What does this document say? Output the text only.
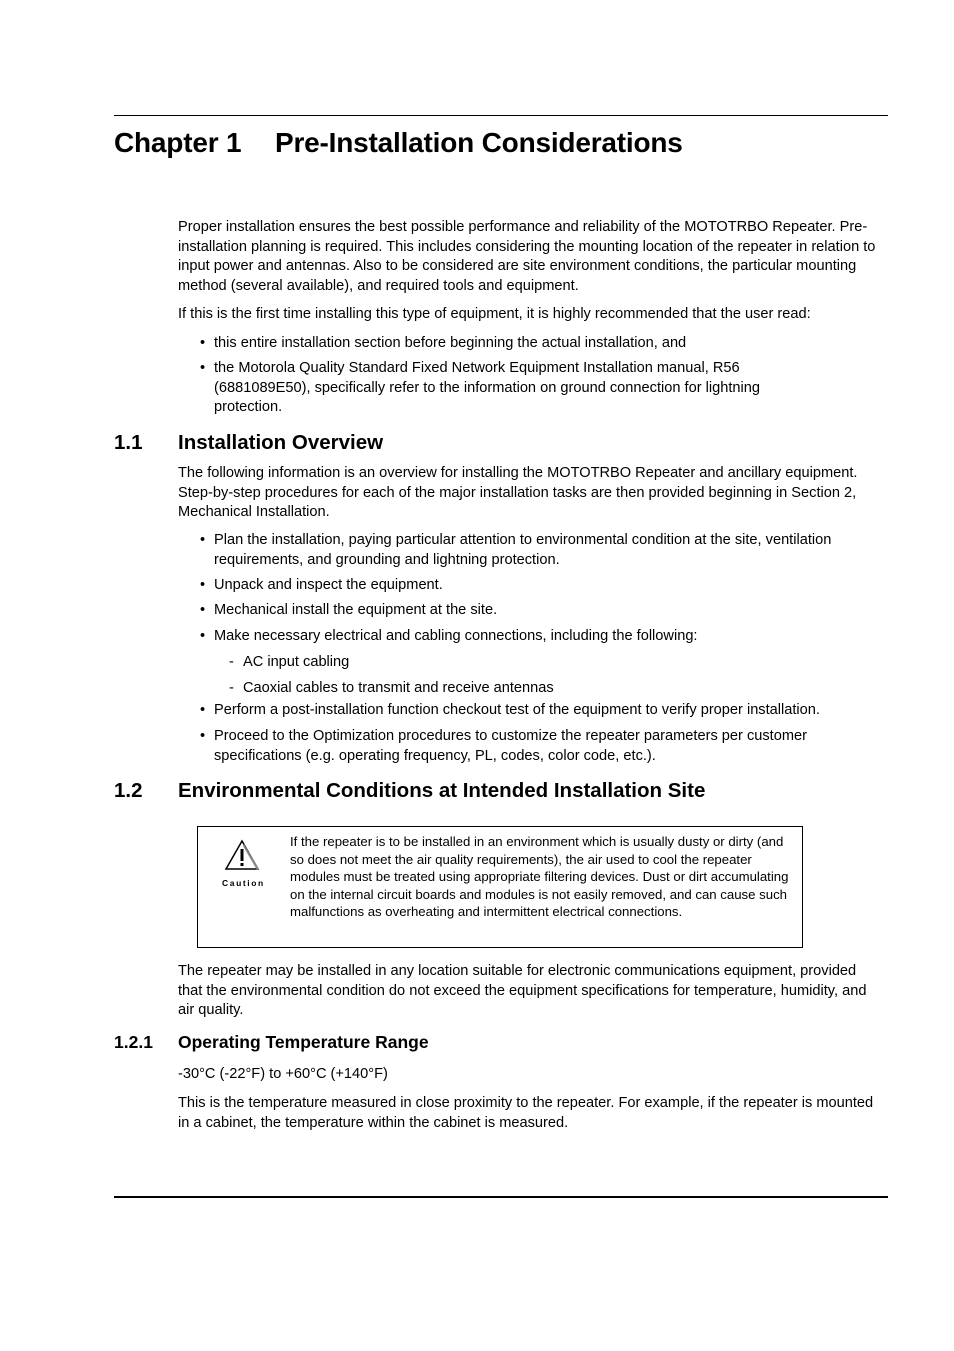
Chapter 1 Pre-Installation Considerations

Proper installation ensures the best possible performance and reliability of the MOTOTRBO Repeater. Pre-installation planning is required. This includes considering the mounting location of the repeater in relation to input power and antennas. Also to be considered are site environment conditions, the particular mounting method (several available), and required tools and equipment.

If this is the first time installing this type of equipment, it is highly recommended that the user read:

• this entire installation section before beginning the actual installation, and
• the Motorola Quality Standard Fixed Network Equipment Installation manual, R56 (6881089E50), specifically refer to the information on ground connection for lightning protection.
1.1 Installation Overview

The following information is an overview for installing the MOTOTRBO Repeater and ancillary equipment. Step-by-step procedures for each of the major installation tasks are then provided beginning in Section 2, Mechanical Installation.

• Plan the installation, paying particular attention to environmental condition at the site, ventilation requirements, and grounding and lightning protection.
• Unpack and inspect the equipment.
• Mechanical install the equipment at the site.
• Make necessary electrical and cabling connections, including the following:
- AC input cabling
- Caoxial cables to transmit and receive antennas
• Perform a post-installation function checkout test of the equipment to verify proper installation.
• Proceed to the Optimization procedures to customize the repeater parameters per customer specifications (e.g. operating frequency, PL, codes, color code, etc.).
1.2 Environmental Conditions at Intended Installation Site
Caution

If the repeater is to be installed in an environment which is usually dusty or dirty (and so does not meet the air quality requirements), the air used to cool the repeater modules must be treated using appropriate filtering devices. Dust or dirt accumulating on the internal circuit boards and modules is not easily removed, and can cause such malfunctions as overheating and intermittent electrical connections.

The repeater may be installed in any location suitable for electronic communications equipment, provided that the environmental condition do not exceed the equipment specifications for temperature, humidity, and air quality.

1.2.1 Operating Temperature Range

-30°C (-22°F) to +60°C (+140°F)

This is the temperature measured in close proximity to the repeater. For example, if the repeater is mounted in a cabinet, the temperature within the cabinet is measured.
